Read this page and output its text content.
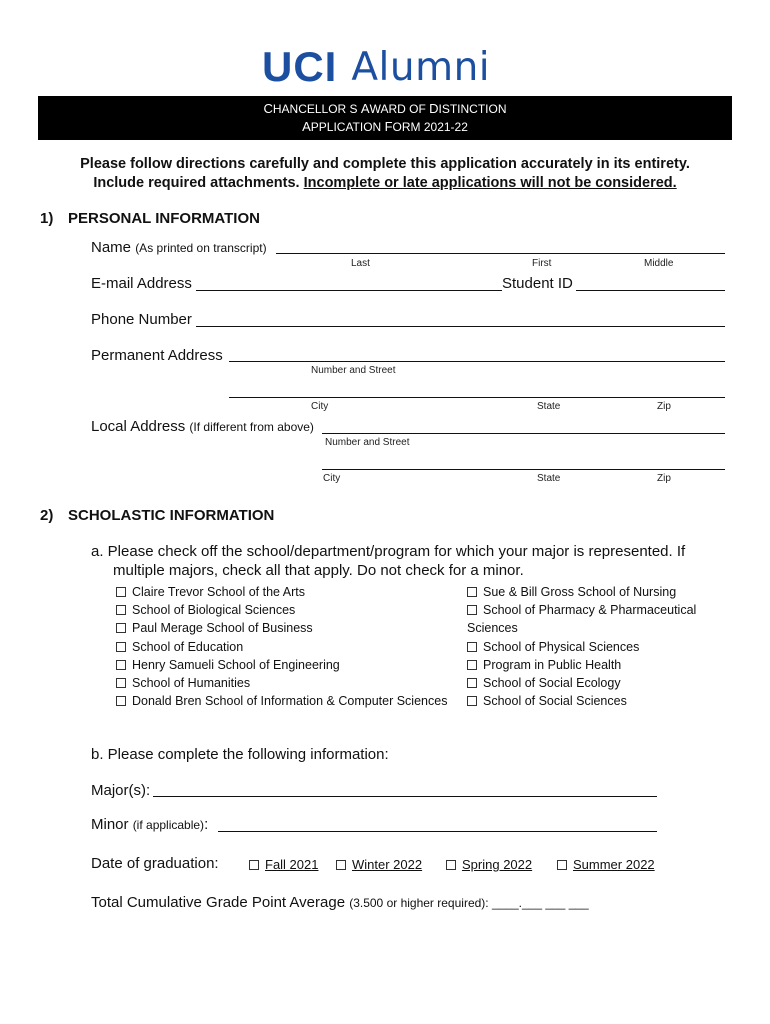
UCI Alumni
CHANCELLOR S AWARD OF DISTINCTION
APPLICATION FORM 2021-22
Please follow directions carefully and complete this application accurately in its entirety.
Include required attachments. Incomplete or late applications will not be considered.
1) PERSONAL INFORMATION
Name (As printed on transcript)
Last	First	Middle
E-mail Address	Student ID
Phone Number
Permanent Address
Number and Street
City	State	Zip
Local Address (If different from above)
Number and Street
City	State	Zip
2) SCHOLASTIC INFORMATION
a. Please check off the school/department/program for which your major is represented. If
multiple majors, check all that apply. Do not check for a minor.
Claire Trevor School of the Arts
School of Biological Sciences
Paul Merage School of Business
School of Education
Henry Samueli School of Engineering
School of Humanities
Donald Bren School of Information & Computer Sciences
Sue & Bill Gross School of Nursing
School of Pharmacy & Pharmaceutical
Sciences
School of Physical Sciences
Program in Public Health
School of Social Ecology
School of Social Sciences
b. Please complete the following information:
Major(s):
Minor (if applicable):
Date of graduation:	Fall 2021	Winter 2022	Spring 2022	Summer 2022
Total Cumulative Grade Point Average (3.500 or higher required): ____.___ ___ ___
